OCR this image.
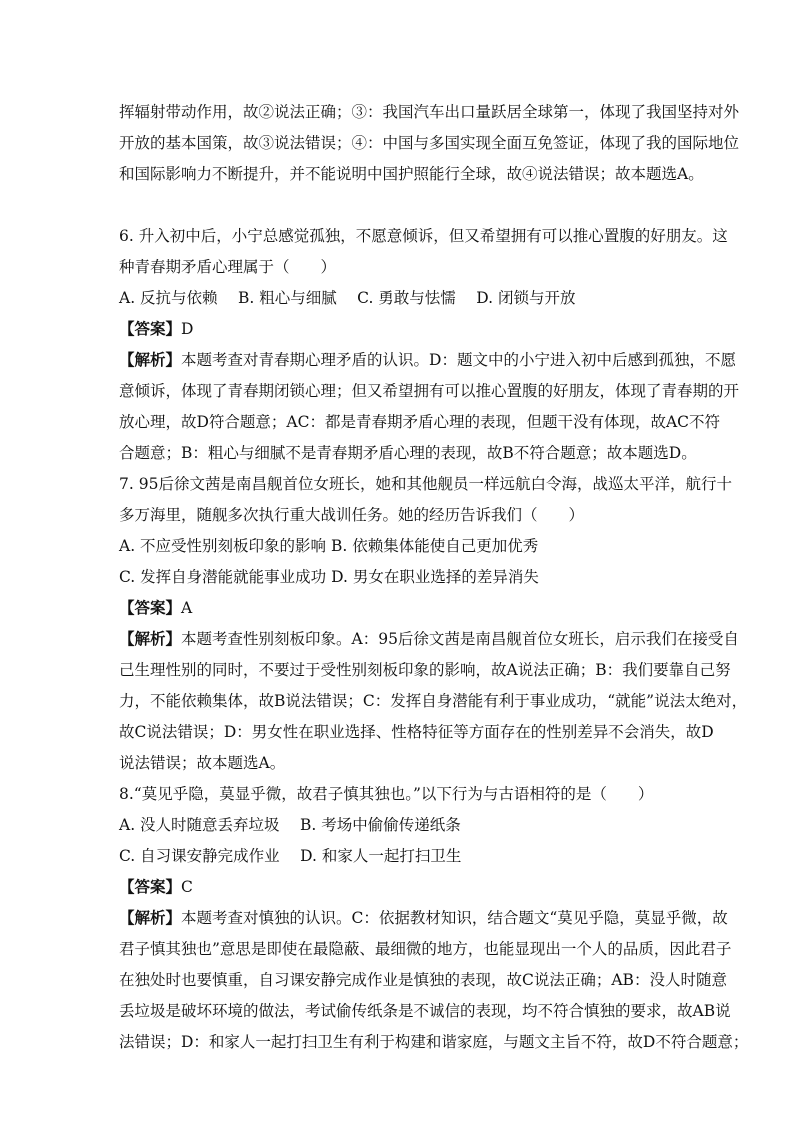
挥辐射带动作用，故②说法正确；③：我国汽车出口量跃居全球第一，体现了我国坚持对外
开放的基本国策，故③说法错误；④：中国与多国实现全面互免签证，体现了我的国际地位
和国际影响力不断提升，并不能说明中国护照能行全球，故④说法错误；故本题选A。
6. 升入初中后，小宁总感觉孤独，不愿意倾诉，但又希望拥有可以推心置腹的好朋友。这
种青春期矛盾心理属于（　　）
A. 反抗与依赖　 B. 粗心与细腻　 C. 勇敢与怯懦　 D. 闭锁与开放
【答案】D
【解析】本题考查对青春期心理矛盾的认识。D：题文中的小宁进入初中后感到孤独，不愿
意倾诉，体现了青春期闭锁心理；但又希望拥有可以推心置腹的好朋友，体现了青春期的开
放心理，故D符合题意；AC：都是青春期矛盾心理的表现，但题干没有体现，故AC不符
合题意；B：粗心与细腻不是青春期矛盾心理的表现，故B不符合题意；故本题选D。
7. 95后徐文茜是南昌舰首位女班长，她和其他舰员一样远航白令海，战巡太平洋，航行十
多万海里，随舰多次执行重大战训任务。她的经历告诉我们（　　）
A. 不应受性别刻板印象的影响 B. 依赖集体能使自己更加优秀
C. 发挥自身潜能就能事业成功 D. 男女在职业选择的差异消失
【答案】A
【解析】本题考查性别刻板印象。A：95后徐文茜是南昌舰首位女班长，启示我们在接受自
己生理性别的同时，不要过于受性别刻板印象的影响，故A说法正确；B：我们要靠自己努
力，不能依赖集体，故B说法错误；C：发挥自身潜能有利于事业成功，“就能”说法太绝对，
故C说法错误；D：男女性在职业选择、性格特征等方面存在的性别差异不会消失，故D
说法错误；故本题选A。
8.“莫见乎隐，莫显乎微，故君子慎其独也。”以下行为与古语相符的是（　　）
A. 没人时随意丢弃垃圾　 B. 考场中偷偷传递纸条
C. 自习课安静完成作业　 D. 和家人一起打扫卫生
【答案】C
【解析】本题考查对慎独的认识。C：依据教材知识，结合题文“莫见乎隐，莫显乎微，故
君子慎其独也”意思是即使在最隐蔽、最细微的地方，也能显现出一个人的品质，因此君子
在独处时也要慎重，自习课安静完成作业是慎独的表现，故C说法正确；AB：没人时随意
丢垃圾是破坏环境的做法，考试偷传纸条是不诚信的表现，均不符合慎独的要求，故AB说
法错误；D：和家人一起打扫卫生有利于构建和谐家庭，与题文主旨不符，故D不符合题意；
